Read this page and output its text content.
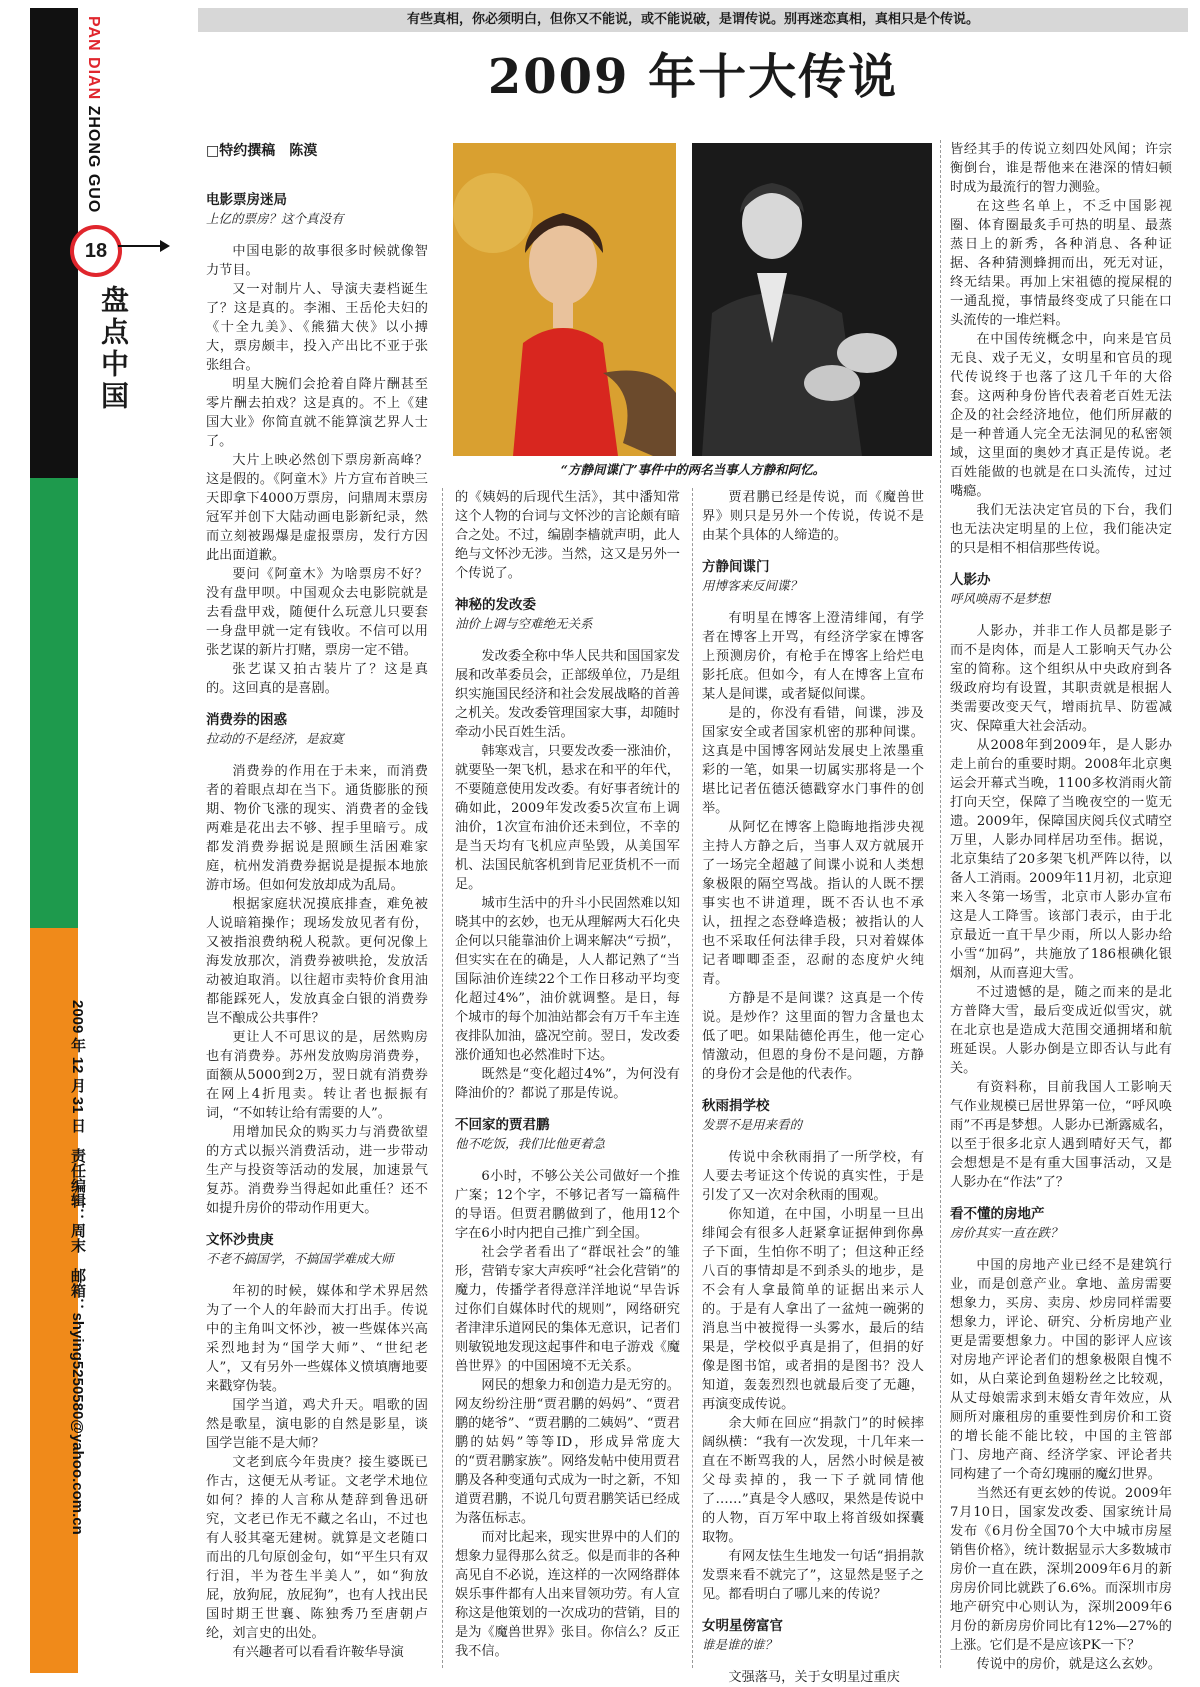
PAN DIAN ZHONG GUO
18
盘点中国
2009 年 12 月 31 日　责任编辑：周末　邮箱：shying5250580@yahoo.com.cn
有些真相，你必须明白，但你又不能说，或不能说破，是谓传说。别再迷恋真相，真相只是个传说。
2009 年十大传说
□特约撰稿　陈漠
“方静间谍门”事件中的两名当事人方静和阿忆。

电影票房迷局

上亿的票房？这个真没有

中国电影的故事很多时候就像智力节目。

又一对制片人、导演夫妻档诞生了？这是真的。李湘、王岳伦夫妇的《十全九美》、《熊猫大侠》以小搏大，票房颇丰，投入产出比不亚于张张组合。

明星大腕们会抢着自降片酬甚至零片酬去拍戏？这是真的。不上《建国大业》你简直就不能算演艺界人士了。

大片上映必然创下票房新高峰？这是假的。《阿童木》片方宣布首映三天即拿下4000万票房，问鼎周末票房冠军并创下大陆动画电影新纪录，然而立刻被踢爆是虚报票房，发行方因此出面道歉。

要问《阿童木》为啥票房不好？没有盘甲呗。中国观众去电影院就是去看盘甲戏，随便什么玩意儿只要套一身盘甲就一定有钱收。不信可以用张艺谋的新片打赌，票房一定不错。

张艺谋又拍古装片了？这是真的。这回真的是喜剧。

消费券的困惑

拉动的不是经济，是寂寞

消费券的作用在于未来，而消费者的着眼点却在当下。通货膨胀的预期、物价飞涨的现实、消费者的金钱两难是花出去不够、捏手里暗亏。成都发消费券据说是照顾生活困难家庭，杭州发消费券据说是提振本地旅游市场。但如何发放却成为乱局。

根据家庭状况摸底排查，难免被人说暗箱操作；现场发放见者有份，又被指浪费纳税人税款。更何况像上海发放那次，消费券被哄抢，发放活动被迫取消。以往超市卖特价食用油都能踩死人，发放真金白银的消费券岂不酿成公共事件？

更让人不可思议的是，居然购房也有消费券。苏州发放购房消费券，面额从5000到2万，翌日就有消费券在网上4折甩卖。转让者也振振有词，“不如转让给有需要的人”。

用增加民众的购买力与消费欲望的方式以振兴消费活动，进一步带动生产与投资等活动的发展，加速景气复苏。消费券当得起如此重任？还不如提升房价的带动作用更大。

文怀沙贵庚

不老不搞国学，不搞国学难成大师

年初的时候，媒体和学术界居然为了一个人的年龄而大打出手。传说中的主角叫文怀沙，被一些媒体兴高采烈地封为“国学大师”、“世纪老人”，又有另外一些媒体义愤填膺地要来戳穿伪装。

国学当道，鸡犬升天。唱歌的固然是歌星，演电影的自然是影星，谈国学岂能不是大师？

文老到底今年贵庚？接生婆既已作古，这便无从考证。文老学术地位如何？捧的人言称从楚辞到鲁迅研究，文老已作无不藏之名山，不过也有人驳其毫无建树。就算是文老随口而出的几句原创金句，如“平生只有双行泪，半为苍生半美人”，如“狗放屁，放狗屁，放屁狗”，也有人找出民国时期王世襄、陈独秀乃至唐朝卢纶，刘言史的出处。

有兴趣者可以看看许鞍华导演

的《姨妈的后现代生活》，其中潘知常这个人物的台词与文怀沙的言论颇有暗合之处。不过，编剧李樯就声明，此人绝与文怀沙无涉。当然，这又是另外一个传说了。

神秘的发改委

油价上调与空难绝无关系

发改委全称中华人民共和国国家发展和改革委员会，正部级单位，乃是组织实施国民经济和社会发展战略的首善之机关。发改委管理国家大事，却随时牵动小民百姓生活。

韩寒戏言，只要发改委一涨油价，就要坠一架飞机，悬求在和平的年代，不要随意使用发改委。有好事者统计的确如此，2009年发改委5次宣布上调油价，1次宣布油价还未到位，不幸的是当天均有飞机应声坠毁，从美国军机、法国民航客机到肯尼亚货机不一而足。

城市生活中的升斗小民固然难以知晓其中的玄妙，也无从理解两大石化央企何以只能靠油价上调来解决“亏损”，但实实在在的确是，人人都记熟了“当国际油价连续22个工作日移动平均变化超过4%”，油价就调整。是日，每个城市的每个加油站都会有万千车主连夜排队加油，盛况空前。翌日，发改委涨价通知也必然准时下达。

既然是“变化超过4%”，为何没有降油价的？都说了那是传说。

不回家的贾君鹏

他不吃饭，我们比他更着急

6小时，不够公关公司做好一个推广案；12个字，不够记者写一篇稿件的导语。但贾君鹏做到了，他用12个字在6小时内把自己推广到全国。

社会学者看出了“群氓社会”的雏形，营销专家大声疾呼“社会化营销”的魔力，传播学者得意洋洋地说“早告诉过你们自媒体时代的规则”，网络研究者津津乐道网民的集体无意识，记者们则敏锐地发现这起事件和电子游戏《魔兽世界》的中国困境不无关系。

网民的想象力和创造力是无穷的。网友纷纷注册“贾君鹏的妈妈”、“贾君鹏的姥爷”、“贾君鹏的二姨妈”、“贾君鹏的姑妈”等等ID，形成异常庞大的“贾君鹏家族”。网络发帖中使用贾君鹏及各种变通句式成为一时之新，不知道贾君鹏，不说几句贾君鹏笑话已经成为落伍标志。

而对比起来，现实世界中的人们的想象力显得那么贫乏。似是而非的各种高见自不必说，连这样的一次网络群体娱乐事件都有人出来冒领功劳。有人宣称这是他策划的一次成功的营销，目的是为《魔兽世界》张目。你信么？反正我不信。

贾君鹏已经是传说，而《魔兽世界》则只是另外一个传说，传说不是由某个具体的人缔造的。

方静间谍门

用博客来反间谍？

有明星在博客上澄清绯闻，有学者在博客上开骂，有经济学家在博客上预测房价，有枪手在博客上给烂电影托底。但如今，有人在博客上宣布某人是间谍，或者疑似间谍。

是的，你没有看错，间谍，涉及国家安全或者国家机密的那种间谍。这真是中国博客网站发展史上浓墨重彩的一笔，如果一切属实那将是一个堪比记者伍德沃德戳穿水门事件的创举。

从阿忆在博客上隐晦地指涉央视主持人方静之后，当事人双方就展开了一场完全超越了间谍小说和人类想象极限的隔空骂战。指认的人既不摆事实也不讲道理，既不否认也不承认，扭捏之态登峰造极；被指认的人也不采取任何法律手段，只对着媒体记者唧唧歪歪，忍耐的态度炉火纯青。

方静是不是间谍？这真是一个传说。是炒作？这里面的智力含量也太低了吧。如果陆德伦再生，他一定心情激动，但恩的身份不是问题，方静的身份才会是他的代表作。

秋雨捐学校

发票不是用来看的

传说中余秋雨捐了一所学校，有人要去考证这个传说的真实性，于是引发了又一次对余秋雨的围观。

你知道，在中国，小明星一旦出绯闻会有很多人赶紧拿证据伸到你鼻子下面，生怕你不明了；但这种正经八百的事情却是不到杀头的地步，是不会有人拿最简单的证据出来示人的。于是有人拿出了一盆炖一碗粥的消息当中被搅得一头雾水，最后的结果是，学校似乎真是捐了，但捐的好像是图书馆，或者捐的是图书？没人知道，轰轰烈烈也就最后变了无趣，再演变成传说。

余大师在回应“捐款门”的时候摔阔纵横：“我有一次发现，十几年来一直在不断骂我的人，居然小时候是被父母卖掉的，我一下子就同情他了……”真是令人感叹，果然是传说中的人物，百万军中取上将首级如探囊取物。

有网友怯生生地发一句话“捐捐款发票来看不就完了”，这显然是竖子之见。都看明白了哪儿来的传说？

女明星傍富官

谁是谁的谁？

文强落马，关于女明星过重庆

皆经其手的传说立刻四处风闻；许宗衡倒台，谁是帮他来在港深的情妇顿时成为最流行的智力测验。

在这些名单上，不乏中国影视圈、体育圈最炙手可热的明星、最蒸蒸日上的新秀，各种消息、各种证据、各种猜测蜂拥而出，死无对证，终无结果。再加上宋祖德的搅屎棍的一通乱搅，事情最终变成了只能在口头流传的一堆烂料。

在中国传统概念中，向来是官员无良、戏子无义，女明星和官员的现代传说终于也落了这几千年的大俗套。这两种身份皆代表着老百姓无法企及的社会经济地位，他们所屏蔽的是一种普通人完全无法洞见的私密领域，这里面的奥妙才真正是传说。老百姓能做的也就是在口头流传，过过嘴瘾。

我们无法决定官员的下台，我们也无法决定明星的上位，我们能决定的只是相不相信那些传说。

人影办

呼风唤雨不是梦想

人影办，并非工作人员都是影子而不是肉体，而是人工影响天气办公室的简称。这个组织从中央政府到各级政府均有设置，其职责就是根据人类需要改变天气，增雨抗旱、防雹减灾、保障重大社会活动。

从2008年到2009年，是人影办走上前台的重要时期。2008年北京奥运会开幕式当晚，1100多枚消雨火箭打向天空，保障了当晚夜空的一览无遗。2009年，保障国庆阅兵仪式晴空万里，人影办同样居功至伟。据说，北京集结了20多架飞机严阵以待，以备人工消雨。2009年11月初，北京迎来入冬第一场雪，北京市人影办宣布这是人工降雪。该部门表示，由于北京最近一直干旱少雨，所以人影办给小雪“加码”，共施放了186根碘化银烟剂，从而喜迎大雪。

不过遗憾的是，随之而来的是北方普降大雪，最后变成近似雪灾，就在北京也是造成大范围交通拥堵和航班延误。人影办倒是立即否认与此有关。

有资料称，目前我国人工影响天气作业规模已居世界第一位，“呼风唤雨”不再是梦想。人影办已渐露威名，以至于很多北京人遇到晴好天气，都会想想是不是有重大国事活动，又是人影办在“作法”了？

看不懂的房地产

房价其实一直在跌？

中国的房地产业已经不是建筑行业，而是创意产业。拿地、盖房需要想象力，买房、卖房、炒房同样需要想象力，评论、研究、分析房地产业更是需要想象力。中国的影评人应该对房地产评论者们的想象极限自愧不如，从白菜论到鱼翅粉丝之比较观，从丈母娘需求到末婚女青年效应，从厕所对廉租房的重要性到房价和工资的增长能不能比较，中国的主管部门、房地产商、经济学家、评论者共同构建了一个奇幻瑰丽的魔幻世界。

当然还有更玄妙的传说。2009年7月10日，国家发改委、国家统计局发布《6月份全国70个大中城市房屋销售价格》，统计数据显示大多数城市房价一直在跌，深圳2009年6月的新房房价同比就跌了6.6%。而深圳市房地产研究中心则认为，深圳2009年6月份的新房房价同比有12%—27%的上涨。它们是不是应该PK一下？

传说中的房价，就是这么玄妙。
